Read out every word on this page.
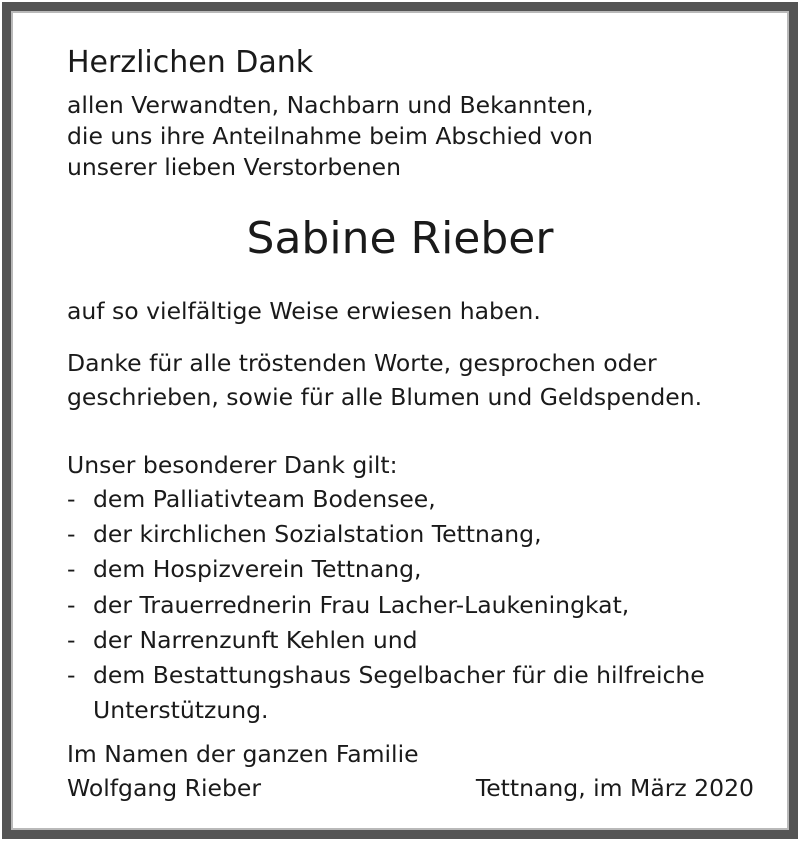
Herzlichen Dank
allen Verwandten, Nachbarn und Bekannten,
die uns ihre Anteilnahme beim Abschied von
unserer lieben Verstorbenen
Sabine Rieber

auf so vielfältige Weise erwiesen haben.

Danke für alle tröstenden Worte, gesprochen oder
geschrieben, sowie für alle Blumen und Geldspenden.

Unser besonderer Dank gilt:

- dem Palliativteam Bodensee,
- der kirchlichen Sozialstation Tettnang,
- dem Hospizverein Tettnang,
- der Trauerrednerin Frau Lacher-Laukeningkat,
- der Narrenzunft Kehlen und
- dem Bestattungshaus Segelbacher für die hilfreiche
Unterstützung.
Im Namen der ganzen Familie
Wolfgang Rieber	Tettnang, im März 2020
